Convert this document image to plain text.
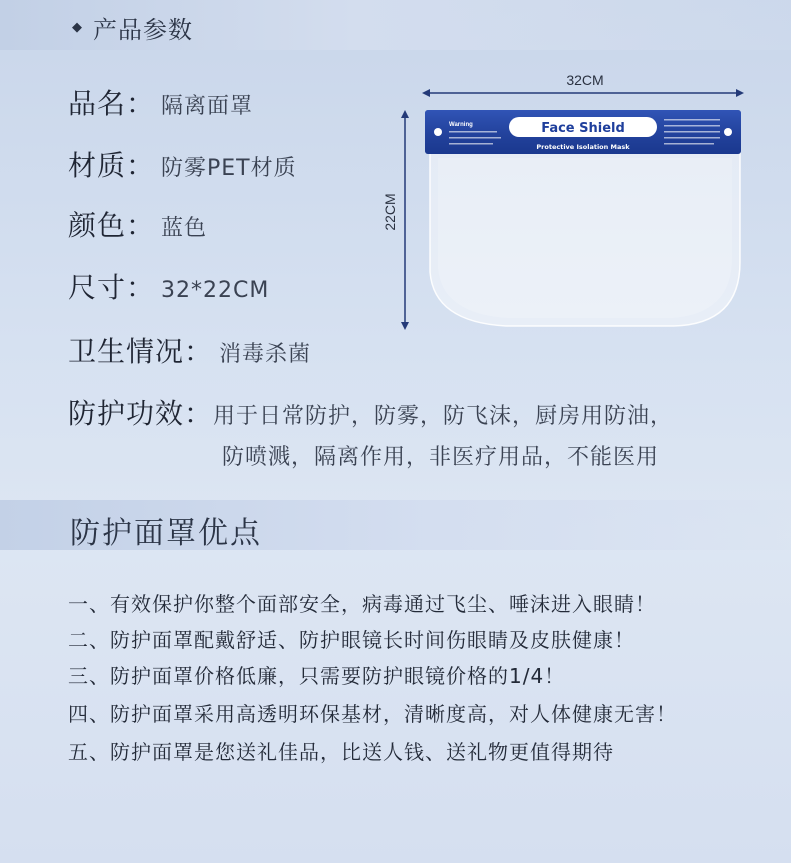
◆ 产品参数
品名： 隔离面罩
材质： 防雾PET材质
颜色： 蓝色
尺寸： 32*22CM
卫生情况： 消毒杀菌
防护功效： 用于日常防护，防雾，防飞沫，厨房用防油，
防喷溅，隔离作用，非医疗用品，不能医用
32CM
22CM
Warning	Face Shield
Protective Isolation Mask
防护面罩优点
一、有效保护你整个面部安全，病毒通过飞尘、唾沫进入眼睛！
二、防护面罩配戴舒适、防护眼镜长时间伤眼睛及皮肤健康！
三、防护面罩价格低廉，只需要防护眼镜价格的1/4！
四、防护面罩采用高透明环保基材，清晰度高，对人体健康无害！
五、防护面罩是您送礼佳品，比送人钱、送礼物更值得期待
